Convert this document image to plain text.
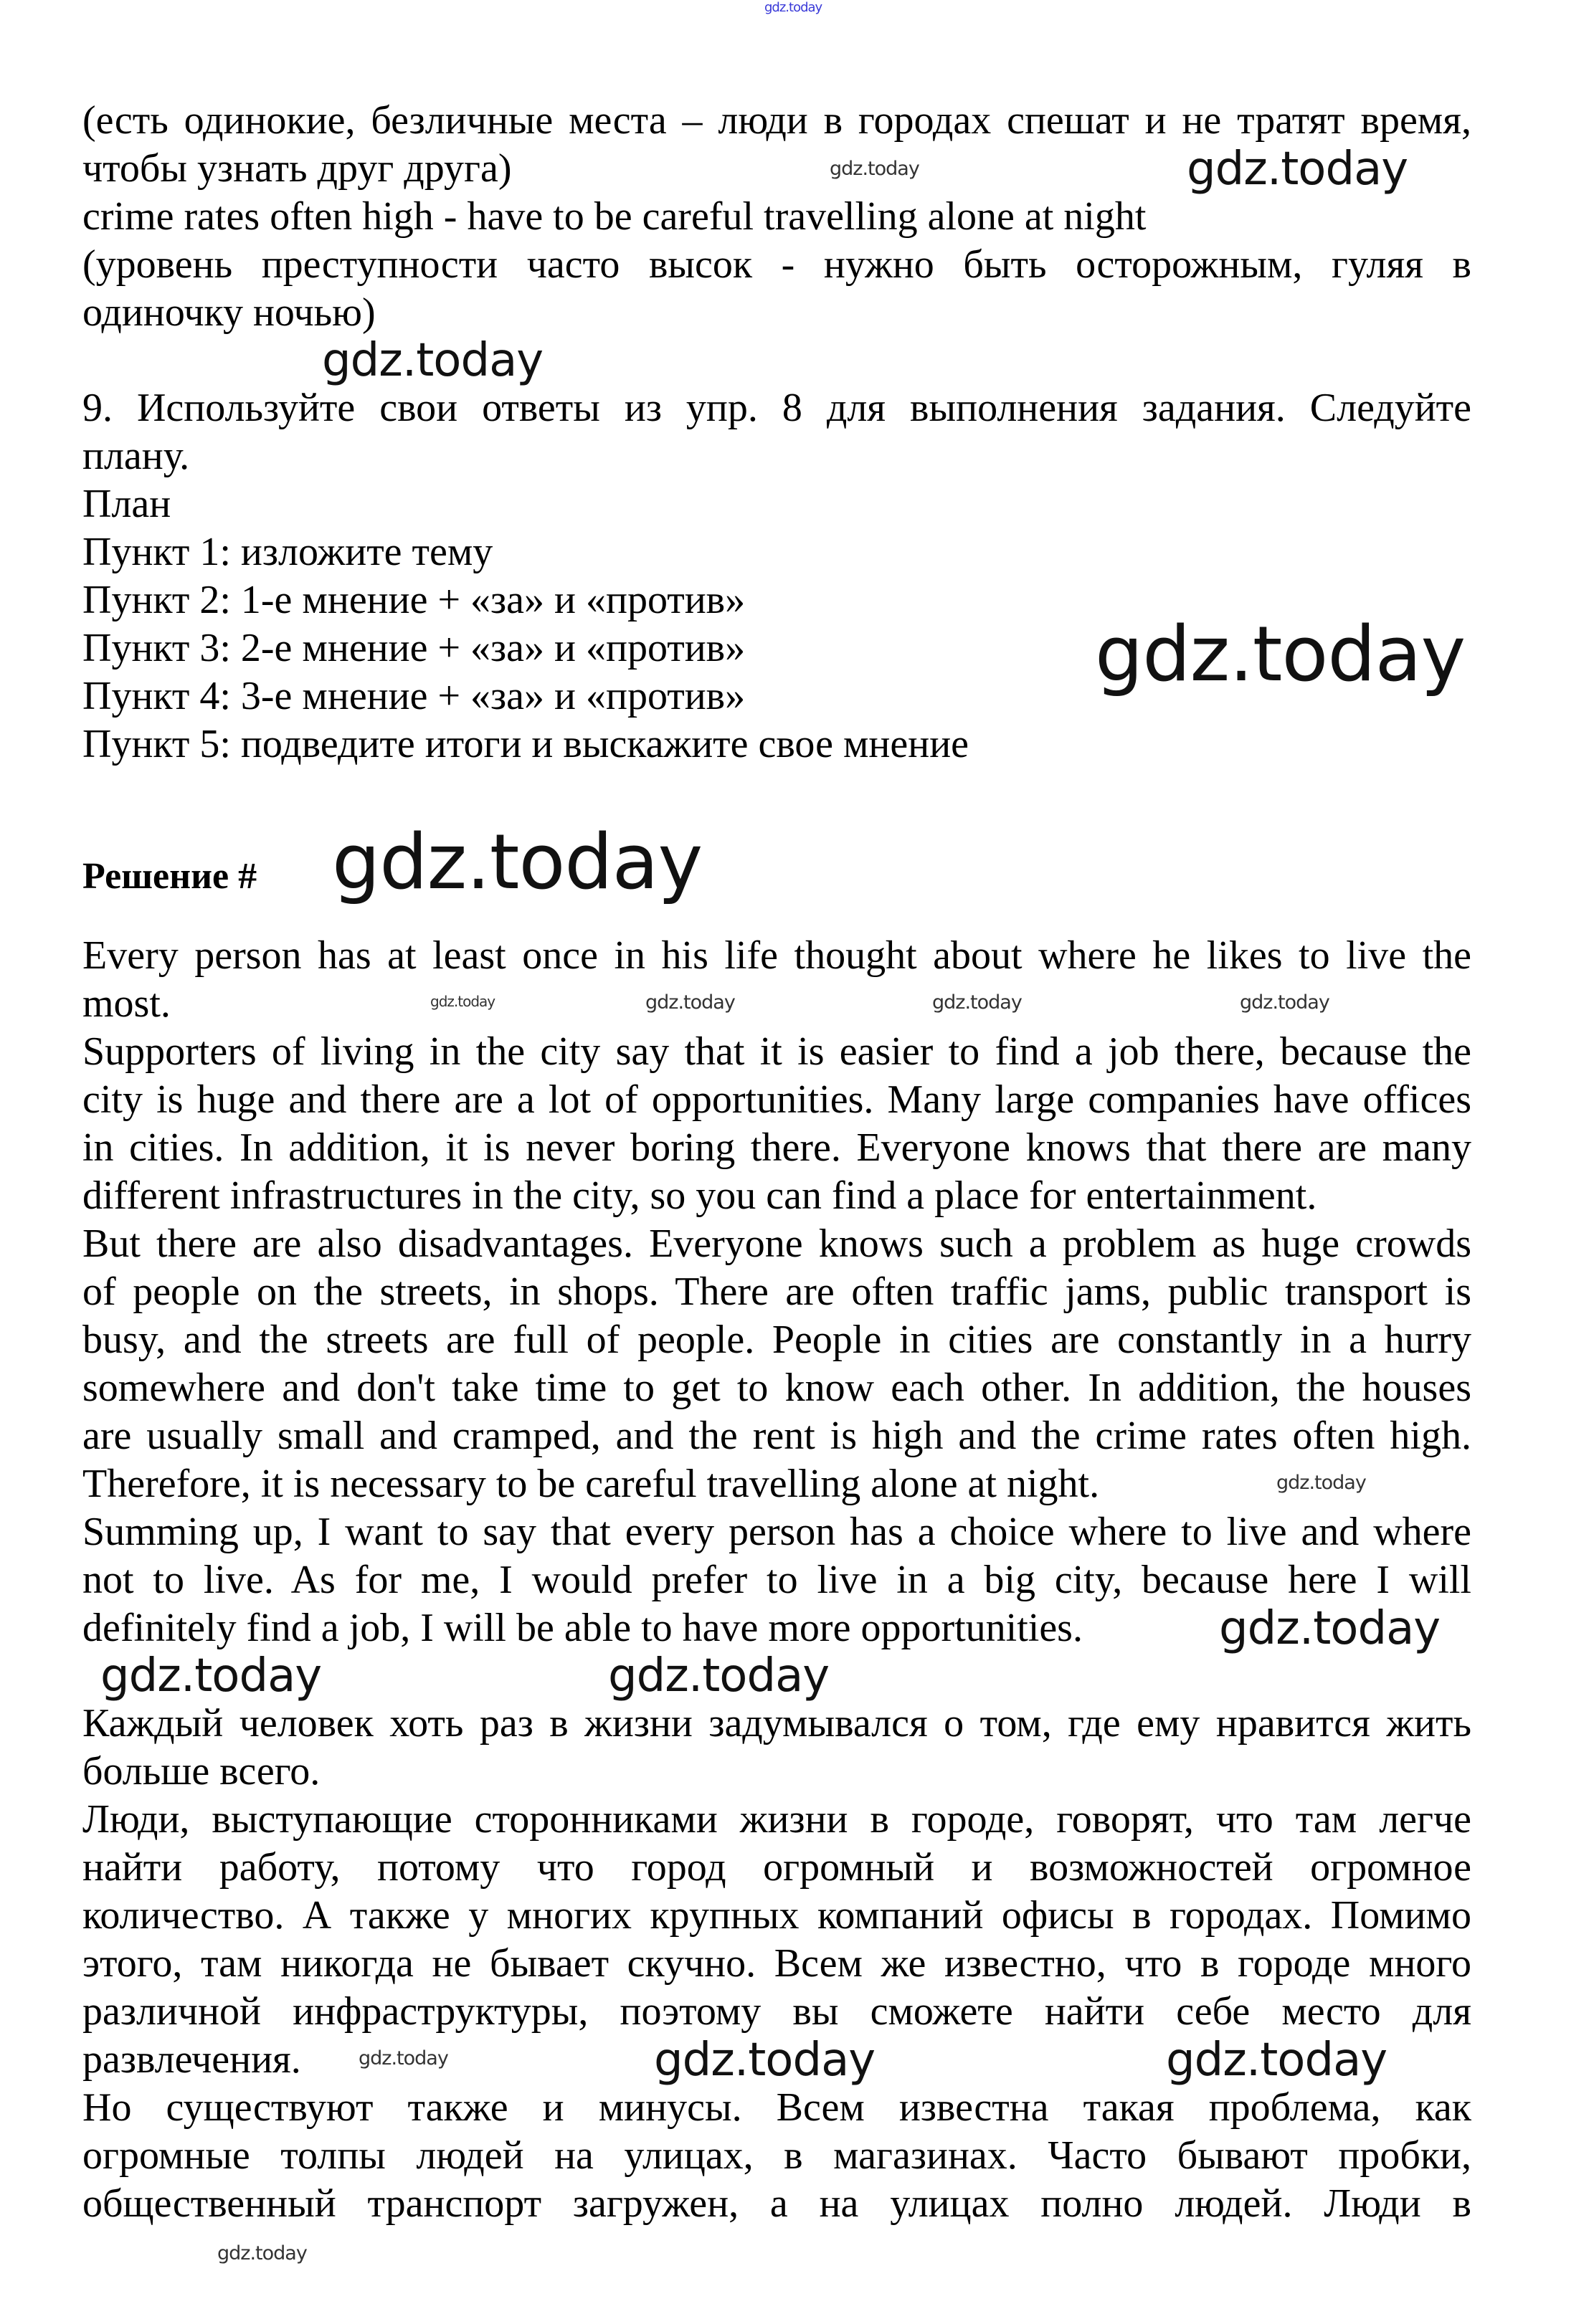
(есть одинокие, безличные места – люди в городах спешат и не тратят время,
чтобы узнать друг друга)
crime rates often high - have to be careful travelling alone at night
(уровень преступности часто высок - нужно быть осторожным, гуляя в
одиночку ночью)
9. Используйте свои ответы из упр. 8 для выполнения задания. Следуйте
плану.
План
Пункт 1: изложите тему
Пункт 2: 1-е мнение + «за» и «против»
Пункт 3: 2-е мнение + «за» и «против»
Пункт 4: 3-е мнение + «за» и «против»
Пункт 5: подведите итоги и выскажите свое мнение
Решение #
Every person has at least once in his life thought about where he likes to live the
most.
Supporters of living in the city say that it is easier to find a job there, because the
city is huge and there are a lot of opportunities. Many large companies have offices
in cities. In addition, it is never boring there. Everyone knows that there are many
different infrastructures in the city, so you can find a place for entertainment.
But there are also disadvantages. Everyone knows such a problem as huge crowds
of people on the streets, in shops. There are often traffic jams, public transport is
busy, and the streets are full of people. People in cities are constantly in a hurry
somewhere and don't take time to get to know each other. In addition, the houses
are usually small and cramped, and the rent is high and the crime rates often high.
Therefore, it is necessary to be careful travelling alone at night.
Summing up, I want to say that every person has a choice where to live and where
not to live. As for me, I would prefer to live in a big city, because here I will
definitely find a job, I will be able to have more opportunities.
Каждый человек хоть раз в жизни задумывался о том, где ему нравится жить
больше всего.
Люди, выступающие сторонниками жизни в городе, говорят, что там легче
найти работу, потому что город огромный и возможностей огромное
количество. А также у многих крупных компаний офисы в городах. Помимо
этого, там никогда не бывает скучно. Всем же известно, что в городе много
различной инфраструктуры, поэтому вы сможете найти себе место для
развлечения.
Но существуют также и минусы. Всем известна такая проблема, как
огромные толпы людей на улицах, в магазинах. Часто бывают пробки,
общественный транспорт загружен, а на улицах полно людей. Люди в
gdz.today
gdz.today	gdz.today
gdz.today
gdz.today
gdz.today
gdz.today
gdz.today
gdz.today
gdz.today
gdz.today
gdz.today
gdz.today	gdz.today
gdz.today	gdz.today	gdz.today
gdz.today
